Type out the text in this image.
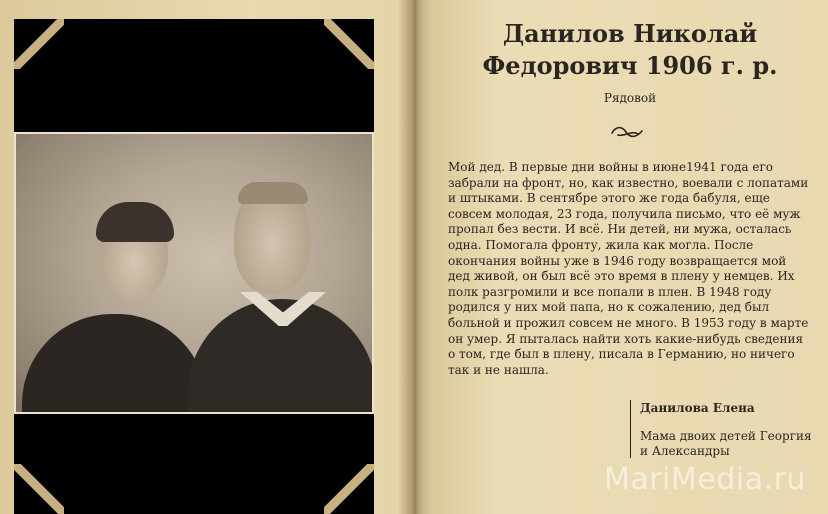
Данилов Николай
Федорович 1906 г. р.
Рядовой
Мой дед. В первые дни войны в июне1941 года его забрали на фронт, но, как известно, воевали с лопатами и штыками. В сентябре этого же года бабуля, еще совсем молодая, 23 года, получила письмо, что её муж пропал без вести. И всё. Ни детей, ни мужа, осталась одна. Помогала фронту, жила как могла. После окончания войны уже в 1946 году возвращается мой дед живой, он был всё это время в плену у немцев. Их полк разгромили и все попали в плен. В 1948 году родился у них мой папа, но к сожалению, дед был больной и прожил совсем не много. В 1953 году в марте он умер. Я пыталась найти хоть какие-нибудь сведения о том, где был в плену, писала в Германию, но ничего так и не нашла.
Данилова Елена
Мама двоих детей Георгия и Александры
MariMedia.ru
